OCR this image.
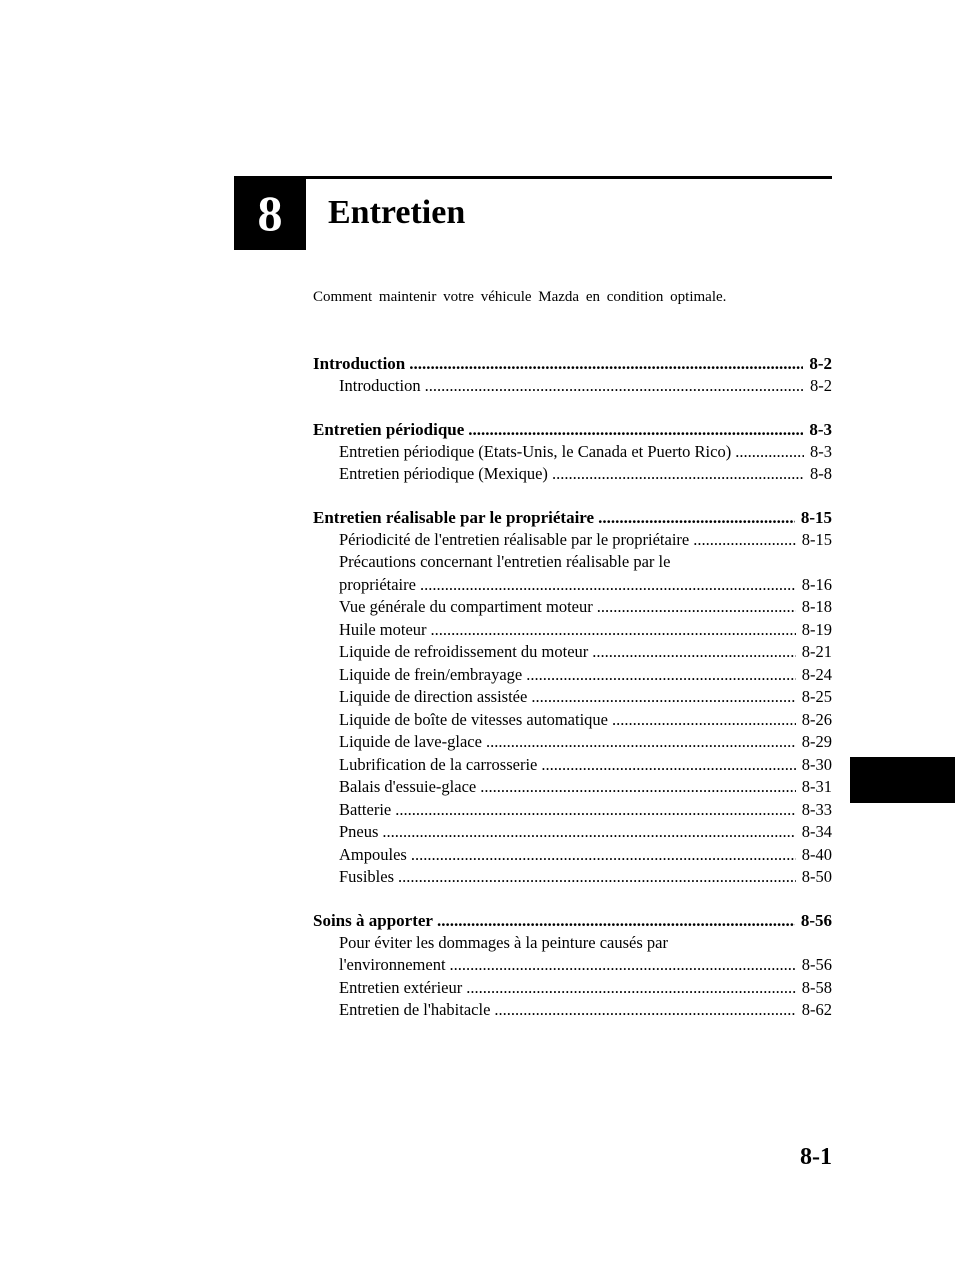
8 Entretien

Comment maintenir votre véhicule Mazda en condition optimale.

Introduction .....	8-2
Introduction .....	8-2
Entretien périodique .....	8-3
Entretien périodique (Etats-Unis, le Canada et Puerto Rico) .....	8-3
Entretien périodique (Mexique) .....	8-8
Entretien réalisable par le propriétaire .....	8-15
Périodicité de l'entretien réalisable par le propriétaire .....	8-15
Précautions concernant l'entretien réalisable par le
propriétaire .....	8-16
Vue générale du compartiment moteur .....	8-18
Huile moteur .....	8-19
Liquide de refroidissement du moteur .....	8-21
Liquide de frein/embrayage .....	8-24
Liquide de direction assistée .....	8-25
Liquide de boîte de vitesses automatique .....	8-26
Liquide de lave-glace .....	8-29
Lubrification de la carrosserie .....	8-30
Balais d'essuie-glace .....	8-31
Batterie .....	8-33
Pneus .....	8-34
Ampoules .....	8-40
Fusibles .....	8-50
Soins à apporter .....	8-56
Pour éviter les dommages à la peinture causés par
l'environnement .....	8-56
Entretien extérieur .....	8-58
Entretien de l'habitacle .....	8-62
8-1
